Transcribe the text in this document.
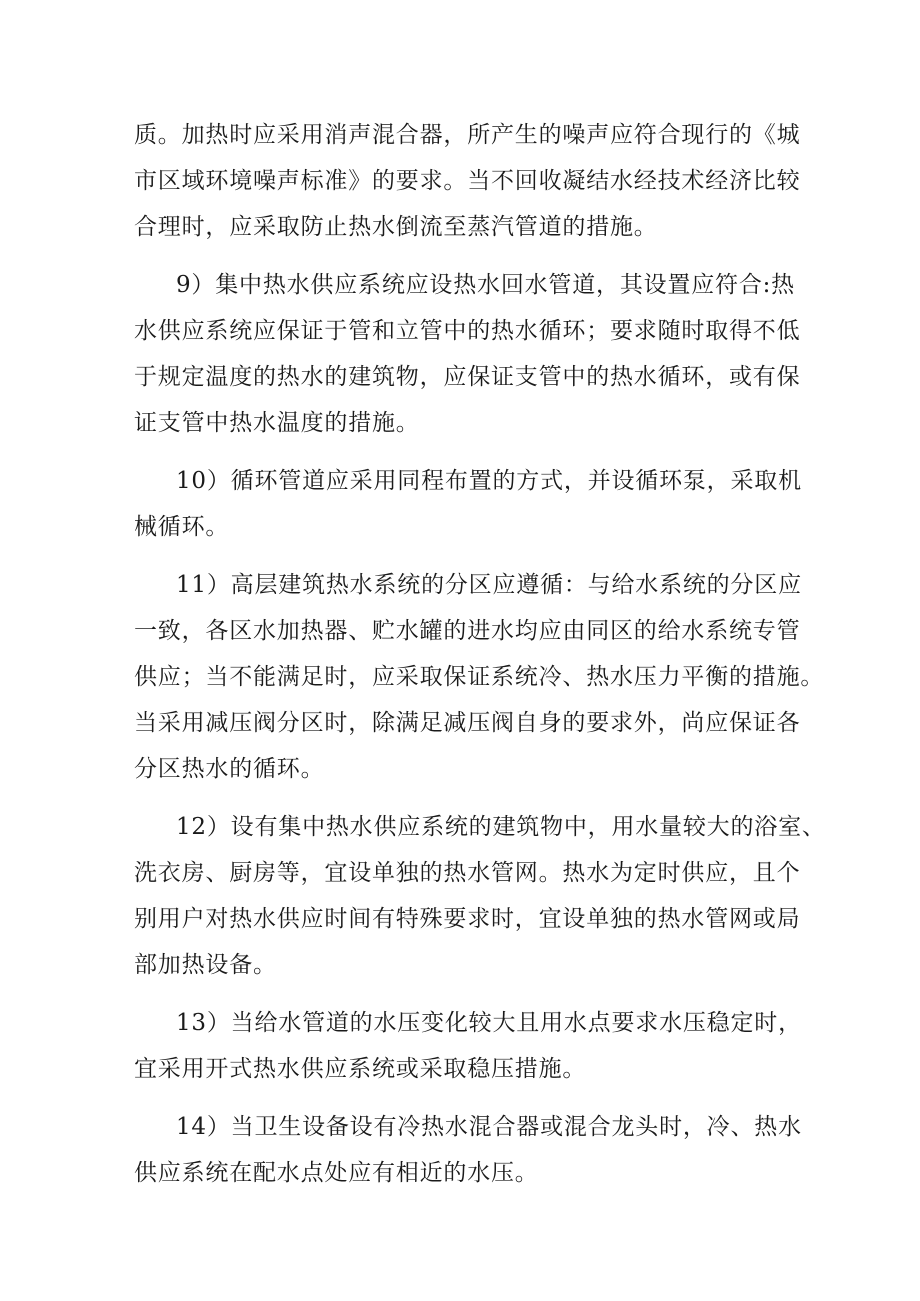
质。加热时应采用消声混合器，所产生的噪声应符合现行的《城
市区域环境噪声标准》的要求。当不回收凝结水经技术经济比较
合理时，应采取防止热水倒流至蒸汽管道的措施。

9）集中热水供应系统应设热水回水管道，其设置应符合:热
水供应系统应保证于管和立管中的热水循环；要求随时取得不低
于规定温度的热水的建筑物，应保证支管中的热水循环，或有保
证支管中热水温度的措施。

10）循环管道应采用同程布置的方式，并设循环泵，采取机
械循环。

11）高层建筑热水系统的分区应遵循：与给水系统的分区应
一致，各区水加热器、贮水罐的进水均应由同区的给水系统专管
供应；当不能满足时，应采取保证系统冷、热水压力平衡的措施。
当采用减压阀分区时，除满足减压阀自身的要求外，尚应保证各
分区热水的循环。

12）设有集中热水供应系统的建筑物中，用水量较大的浴室、
洗衣房、厨房等，宜设单独的热水管网。热水为定时供应，且个
别用户对热水供应时间有特殊要求时，宜设单独的热水管网或局
部加热设备。

13）当给水管道的水压变化较大且用水点要求水压稳定时，
宜采用开式热水供应系统或采取稳压措施。

14）当卫生设备设有冷热水混合器或混合龙头时，冷、热水
供应系统在配水点处应有相近的水压。
